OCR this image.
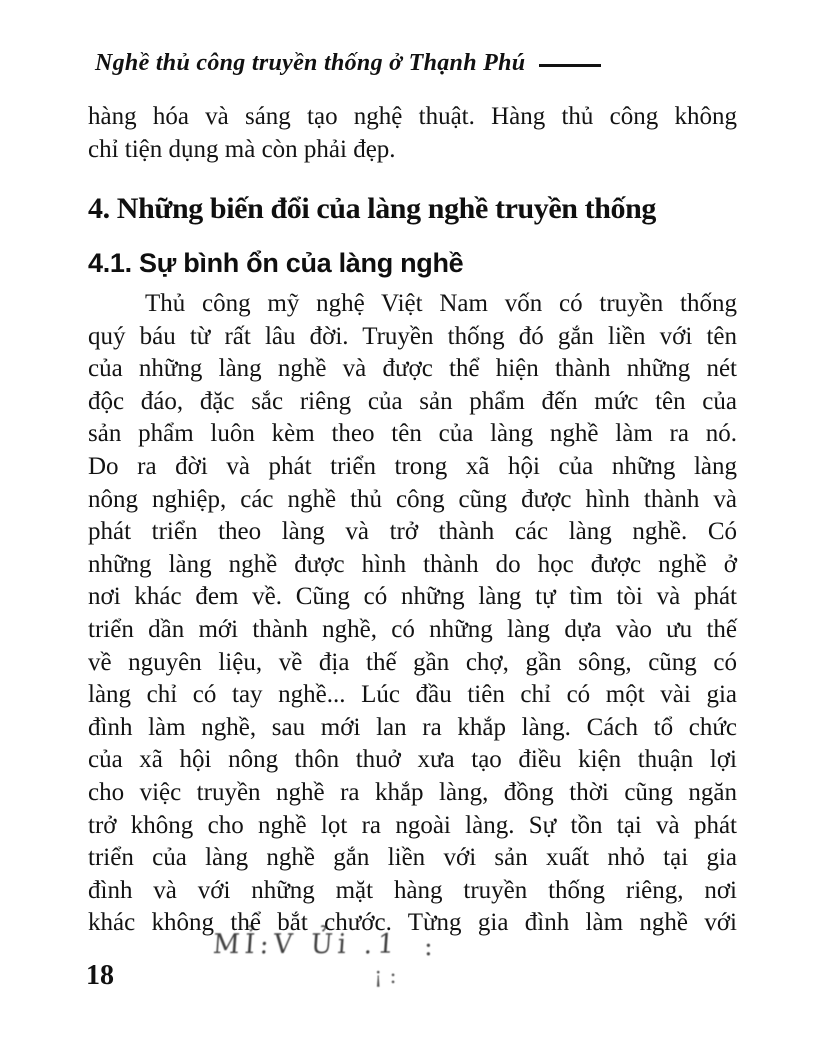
Nghề thủ công truyền thống ở Thạnh Phú
hàng hóa và sáng tạo nghệ thuật. Hàng thủ công không
chỉ tiện dụng mà còn phải đẹp.
4. Những biến đổi của làng nghề truyền thống
4.1. Sự bình ổn của làng nghề
Thủ công mỹ nghệ Việt Nam vốn có truyền thống
quý báu từ rất lâu đời. Truyền thống đó gắn liền với tên
của những làng nghề và được thể hiện thành những nét
độc đáo, đặc sắc riêng của sản phẩm đến mức tên của
sản phẩm luôn kèm theo tên của làng nghề làm ra nó.
Do ra đời và phát triển trong xã hội của những làng
nông nghiệp, các nghề thủ công cũng được hình thành và
phát triển theo làng và trở thành các làng nghề. Có
những làng nghề được hình thành do học được nghề ở
nơi khác đem về. Cũng có những làng tự tìm tòi và phát
triển dần mới thành nghề, có những làng dựa vào ưu thế
về nguyên liệu, về địa thế gần chợ, gần sông, cũng có
làng chỉ có tay nghề... Lúc đầu tiên chỉ có một vài gia
đình làm nghề, sau mới lan ra khắp làng. Cách tổ chức
của xã hội nông thôn thuở xưa tạo điều kiện thuận lợi
cho việc truyền nghề ra khắp làng, đồng thời cũng ngăn
trở không cho nghề lọt ra ngoài làng. Sự tồn tại và phát
triển của làng nghề gắn liền với sản xuất nhỏ tại gia
đình và với những mặt hàng truyền thống riêng, nơi
khác không thể bắt chước. Từng gia đình làm nghề với
MỈ:V Ủi .1 :
¡:
18
